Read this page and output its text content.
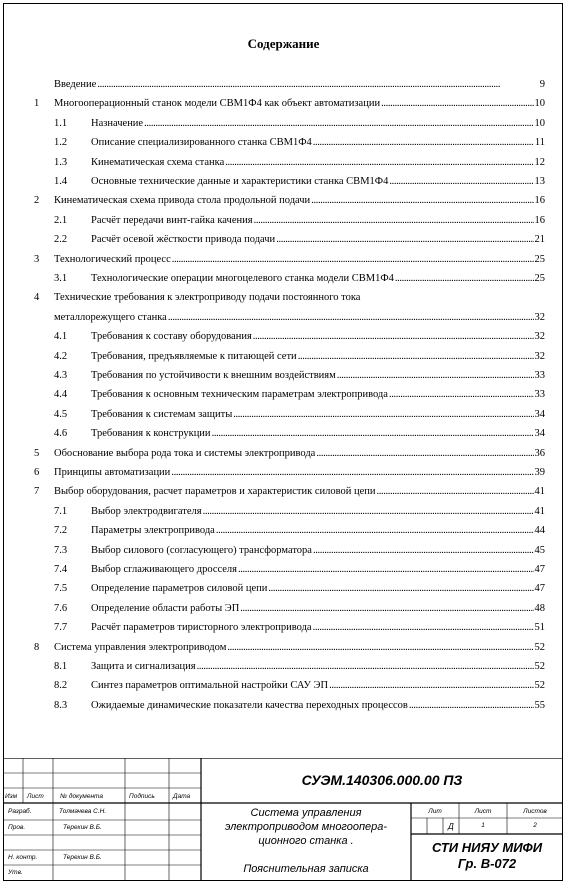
Содержание
Введение . . .	9
1 Многооперационный станок модели СВМ1Ф4 как объект автоматизации . . .	10
1.1 Назначение . . .	10
1.2 Описание специализированного станка СВМ1Ф4 . . .	11
1.3 Кинематическая схема станка . . .	12
1.4 Основные технические данные и характеристики станка СВМ1Ф4 . . .	13
2 Кинематическая схема привода стола продольной подачи . . .	16
2.1 Расчёт передачи винт-гайка качения . . .	16
2.2 Расчёт осевой жёсткости привода подачи . . .	21
3 Технологический процесс . . .	25
3.1 Технологические операции многоцелевого станка модели СВМ1Ф4 . . .	25
4 Технические требования к электроприводу подачи постоянного тока
металлорежущего станка . . .	32
4.1 Требования к составу оборудования . . .	32
4.2 Требования, предъявляемые к питающей сети . . .	32
4.3 Требования по устойчивости к внешним воздействиям . . .	33
4.4 Требования к основным техническим параметрам электропривода . . .	33
4.5 Требования к системам защиты . . .	34
4.6 Требования к конструкции . . .	34
5 Обоснование выбора рода тока и системы электропривода . . .	36
6 Принципы автоматизации . . .	39
7 Выбор оборудования, расчет параметров и характеристик силовой цепи . . .	41
7.1 Выбор электродвигателя . . .	41
7.2 Параметры электропривода . . .	44
7.3 Выбор силового (согласующего) трансформатора . . .	45
7.4 Выбор сглаживающего дросселя . . .	47
7.5 Определение параметров силовой цепи . . .	47
7.6 Определение области работы ЭП . . .	48
7.7 Расчёт параметров тиристорного электропривода . . .	51
8 Система управления электроприводом . . .	52
8.1 Защита и сигнализация . . .	52
8.2 Синтез параметров оптимальной настройки САУ ЭП . . .	52
8.3 Ожидаемые динамические показатели качества переходных процессов . . .	55
СУЭМ.140306.000.00 ПЗ
Изм Лист	№ документа	Подпись	Дата
Разраб.	Толмачева С.Н.
Пров.	Терехин В.Б.
Н. контр.	Терехин В.Б.
Утв.
Система управления
электроприводом многоопера-
ционного станка .
Пояснительная записка
Лит	Лист	Листов
Д	1	2
СТИ НИЯУ МИФИ
Гр. В-072
